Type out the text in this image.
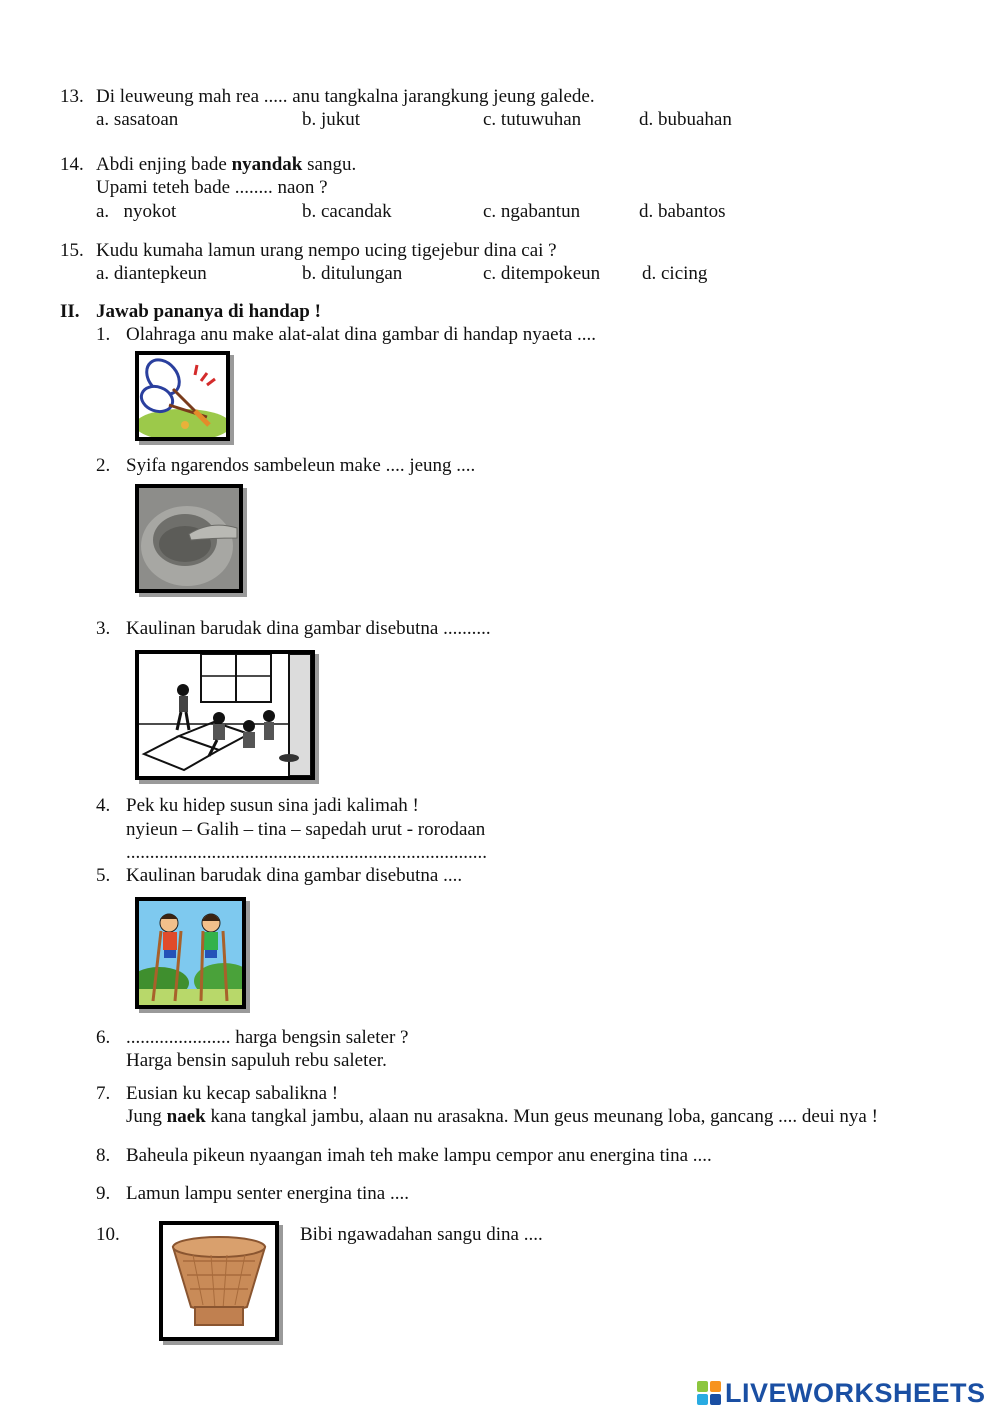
13. Di leuweung mah rea ..... anu tangkalna jarangkung jeung galede.
a. sasatoan	b. jukut	c. tutuwuhan	d. bubuahan
14. Abdi enjing bade nyandak sangu.
Upami teteh bade ........ naon ?
a. nyokot	b. cacandak	c. ngabantun	d. babantos
15. Kudu kumaha lamun urang nempo ucing tigejebur dina cai ?
a. diantepkeun	b. ditulungan	c. ditempokeun d. cicing
II. Jawab pananya di handap !
1. Olahraga anu make alat-alat dina gambar di handap nyaeta ....
2. Syifa ngarendos sambeleun make .... jeung ....
3. Kaulinan barudak dina gambar disebutna ..........
4. Pek ku hidep susun sina jadi kalimah !
nyieun – Galih – tina – sapedah urut - rorodaan
............................................................................
5. Kaulinan barudak dina gambar disebutna ....
6. ...................... harga bengsin saleter ?
Harga bensin sapuluh rebu saleter.
7. Eusian ku kecap sabalikna !
Jung naek kana tangkal jambu, alaan nu arasakna. Mun geus meunang loba, gancang .... deui nya !
8. Baheula pikeun nyaangan imah teh make lampu cempor anu energina tina ....
9. Lamun lampu senter energina tina ....
10.	Bibi ngawadahan sangu dina ....
LIVEWORKSHEETS
